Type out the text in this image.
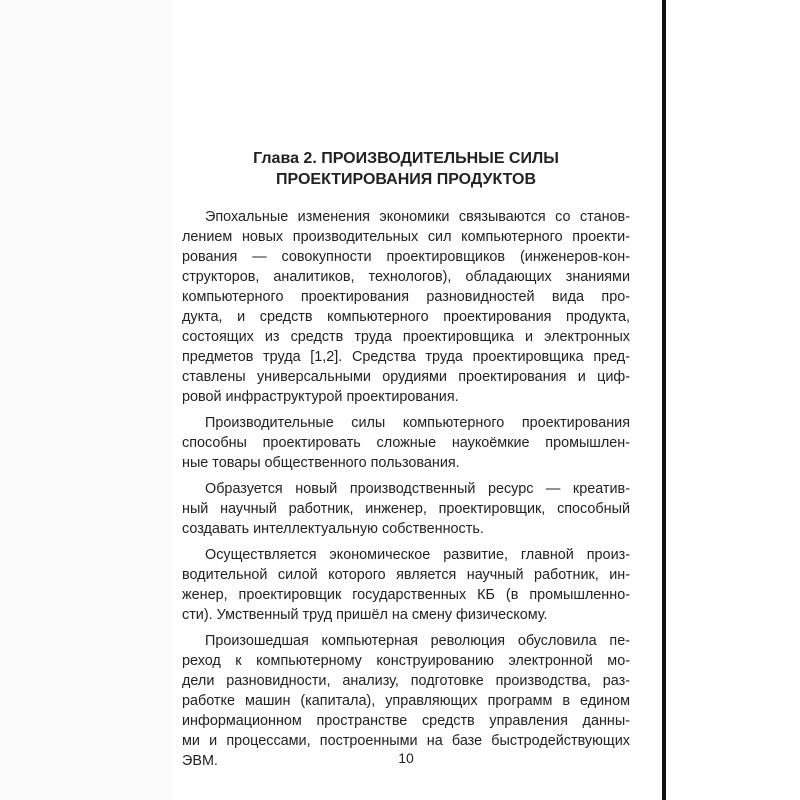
Глава 2. ПРОИЗВОДИТЕЛЬНЫЕ СИЛЫ
ПРОЕКТИРОВАНИЯ ПРОДУКТОВ

Эпохальные изменения экономики связываются со станов-
лением новых производительных сил компьютерного проекти-
рования — совокупности проектировщиков (инженеров-кон-
структоров, аналитиков, технологов), обладающих знаниями
компьютерного проектирования разновидностей вида про-
дукта, и средств компьютерного проектирования продукта,
состоящих из средств труда проектировщика и электронных
предметов труда [1,2]. Средства труда проектировщика пред-
ставлены универсальными орудиями проектирования и циф-
ровой инфраструктурой проектирования.

Производительные силы компьютерного проектирования
способны проектировать сложные наукоёмкие промышлен-
ные товары общественного пользования.

Образуется новый производственный ресурс — креатив-
ный научный работник, инженер, проектировщик, способный
создавать интеллектуальную собственность.

Осуществляется экономическое развитие, главной произ-
водительной силой которого является научный работник, ин-
женер, проектировщик государственных КБ (в промышленно-
сти). Умственный труд пришёл на смену физическому.

Произошедшая компьютерная революция обусловила пе-
реход к компьютерному конструированию электронной мо-
дели разновидности, анализу, подготовке производства, раз-
работке машин (капитала), управляющих программ в едином
информационном пространстве средств управления данны-
ми и процессами, построенными на базе быстродействующих
ЭВМ.	10
